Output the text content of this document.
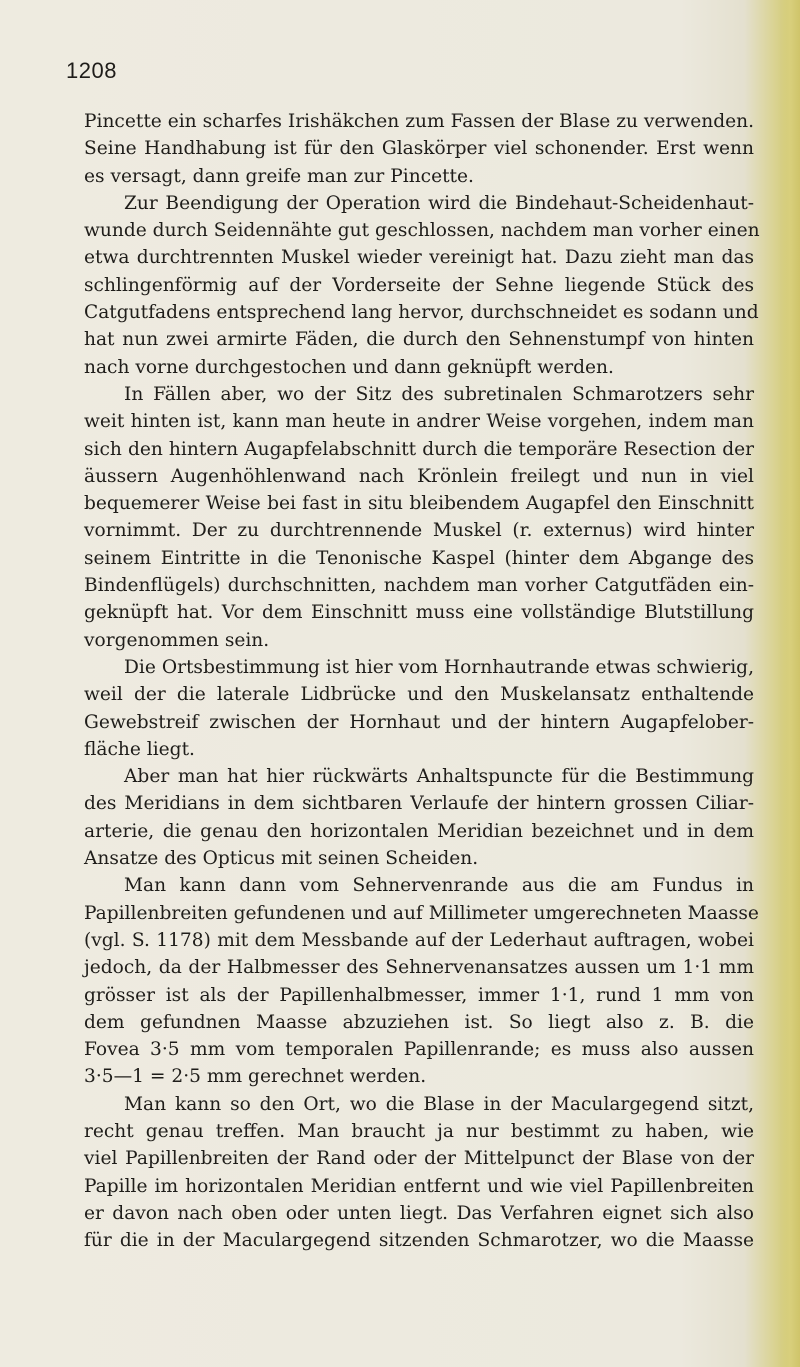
1208
Pincette ein scharfes Irishäkchen zum Fassen der Blase zu verwenden.
Seine Handhabung ist für den Glaskörper viel schonender. Erst wenn
es versagt, dann greife man zur Pincette.
Zur Beendigung der Operation wird die Bindehaut-Scheidenhaut-
wunde durch Seidennähte gut geschlossen, nachdem man vorher einen
etwa durchtrennten Muskel wieder vereinigt hat. Dazu zieht man das
schlingenförmig auf der Vorderseite der Sehne liegende Stück des
Catgutfadens entsprechend lang hervor, durchschneidet es sodann und
hat nun zwei armirte Fäden, die durch den Sehnenstumpf von hinten
nach vorne durchgestochen und dann geknüpft werden.
In Fällen aber, wo der Sitz des subretinalen Schmarotzers sehr
weit hinten ist, kann man heute in andrer Weise vorgehen, indem man
sich den hintern Augapfelabschnitt durch die temporäre Resection der
äussern Augenhöhlenwand nach Krönlein freilegt und nun in viel
bequemerer Weise bei fast in situ bleibendem Augapfel den Einschnitt
vornimmt. Der zu durchtrennende Muskel (r. externus) wird hinter
seinem Eintritte in die Tenonische Kaspel (hinter dem Abgange des
Bindenflügels) durchschnitten, nachdem man vorher Catgutfäden ein-
geknüpft hat. Vor dem Einschnitt muss eine vollständige Blutstillung
vorgenommen sein.
Die Ortsbestimmung ist hier vom Hornhautrande etwas schwierig,
weil der die laterale Lidbrücke und den Muskelansatz enthaltende
Gewebstreif zwischen der Hornhaut und der hintern Augapfelober-
fläche liegt.
Aber man hat hier rückwärts Anhaltspuncte für die Bestimmung
des Meridians in dem sichtbaren Verlaufe der hintern grossen Ciliar-
arterie, die genau den horizontalen Meridian bezeichnet und in dem
Ansatze des Opticus mit seinen Scheiden.
Man kann dann vom Sehnervenrande aus die am Fundus in
Papillenbreiten gefundenen und auf Millimeter umgerechneten Maasse
(vgl. S. 1178) mit dem Messbande auf der Lederhaut auftragen, wobei
jedoch, da der Halbmesser des Sehnervenansatzes aussen um 1·1 mm
grösser ist als der Papillenhalbmesser, immer 1·1, rund 1 mm von
dem gefundnen Maasse abzuziehen ist. So liegt also z. B. die
Fovea 3·5 mm vom temporalen Papillenrande; es muss also aussen
3·5—1 = 2·5 mm gerechnet werden.
Man kann so den Ort, wo die Blase in der Maculargegend sitzt,
recht genau treffen. Man braucht ja nur bestimmt zu haben, wie
viel Papillenbreiten der Rand oder der Mittelpunct der Blase von der
Papille im horizontalen Meridian entfernt und wie viel Papillenbreiten
er davon nach oben oder unten liegt. Das Verfahren eignet sich also
für die in der Maculargegend sitzenden Schmarotzer, wo die Maasse
